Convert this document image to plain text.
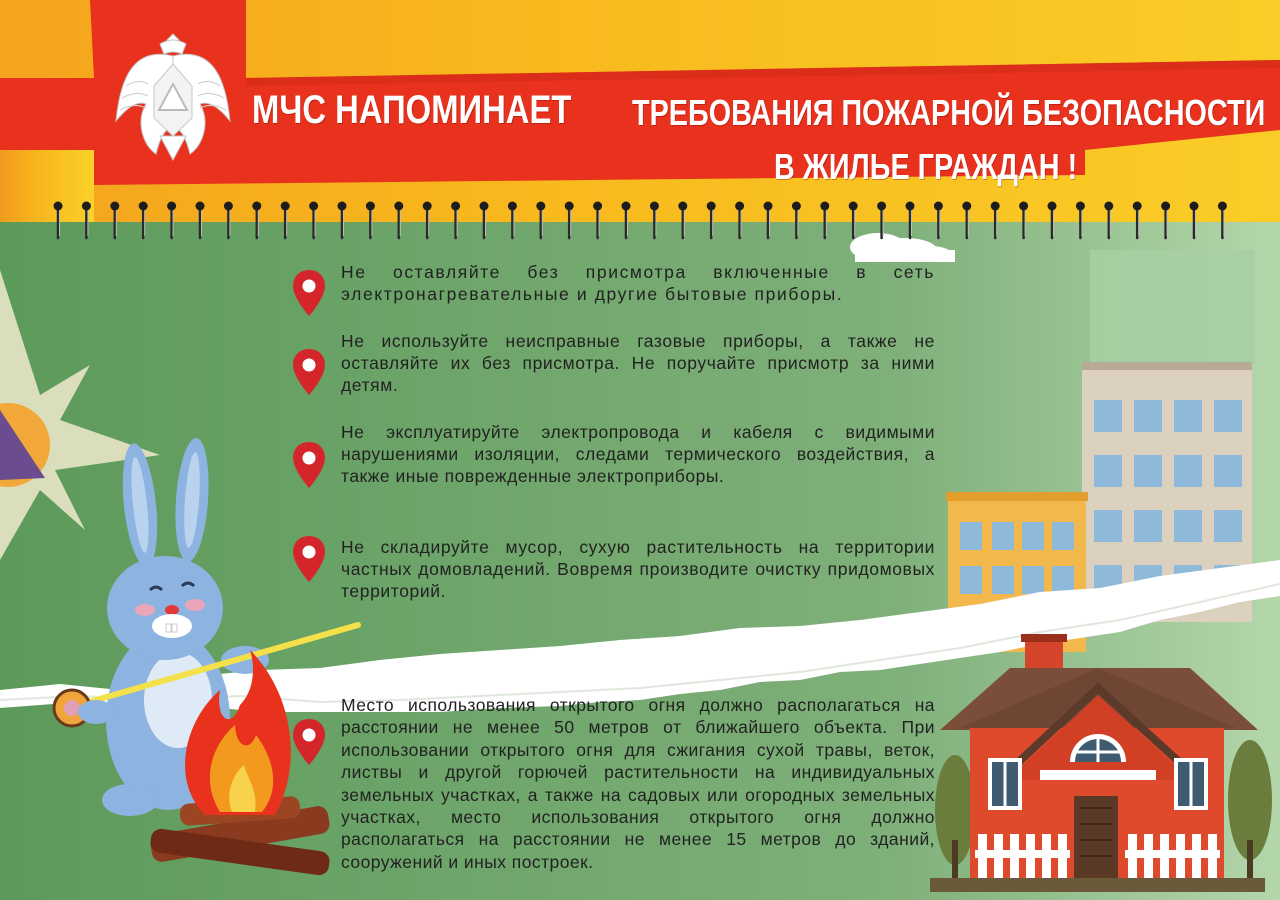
МЧС НАПОМИНАЕТ ТРЕБОВАНИЯ ПОЖАРНОЙ БЕЗОПАСНОСТИ
В ЖИЛЬЕ ГРАЖДАН !

Не оставляйте без присмотра включенные в сеть электронагревательные и другие бытовые приборы.

Не используйте неисправные газовые приборы, а также не оставляйте их без присмотра. Не поручайте присмотр за ними детям.

Не эксплуатируйте электропровода и кабеля с видимыми нарушениями изоляции, следами термического воздействия, а также иные поврежденные электроприборы.

Не складируйте мусор, сухую растительность на территории частных домовладений. Вовремя производите очистку придомовых территорий.

Место использования открытого огня должно располагаться на расстоянии не менее 50 метров от ближайшего объекта. При использовании открытого огня для сжигания сухой травы, веток, листвы и другой горючей растительности на индивидуальных земельных участках, а также на садовых или огородных земельных участках, место использования открытого огня должно располагаться на расстоянии не менее 15 метров до зданий, сооружений и иных построек.
